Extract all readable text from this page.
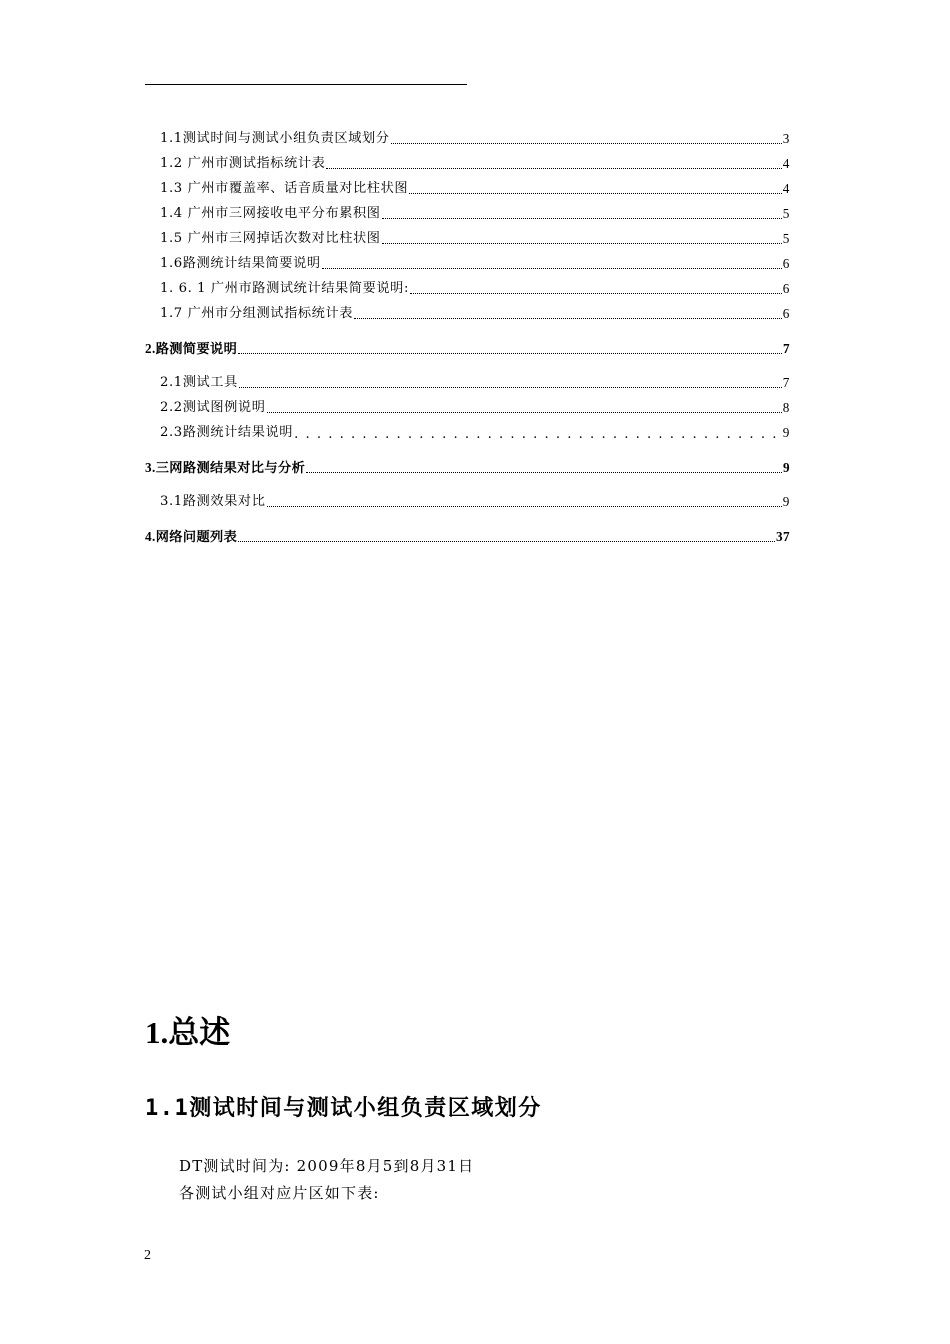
1.1测试时间与测试小组负责区域划分	3
1.2 广州市测试指标统计表	4
1.3 广州市覆盖率、话音质量对比柱状图	4
1.4 广州市三网接收电平分布累积图	5
1.5 广州市三网掉话次数对比柱状图	5
1.6路测统计结果简要说明	6
1. 6. 1 广州市路测试统计结果简要说明:	6
1.7 广州市分组测试指标统计表	6
2.路测简要说明	7
2.1测试工具	7
2.2测试图例说明	8
2.3路测统计结果说明 . . .	9
3.三网路测结果对比与分析	9
3.1路测效果对比	9
4.网络问题列表	37
1.总述
1.1测试时间与测试小组负责区域划分
DT测试时间为: 2009年8月5到8月31日
各测试小组对应片区如下表:
2
